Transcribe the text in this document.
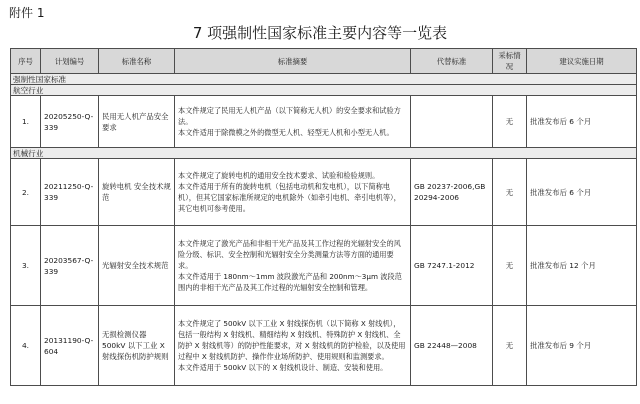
附件 1
7 项强制性国家标准主要内容等一览表
序号	计划编号	标准名称	标准摘要	代替标准	采标情况	建议实施日期
强制性国家标准						
航空行业						
1.	20205250-Q-339	民用无人机产品安全要求	本文件规定了民用无人机产品（以下简称无人机）的安全要求和试验方法。

本文件适用于除微模之外的微型无人机、轻型无人机和小型无人机。		无	批准发布后 6 个月
机械行业						
2.	20211250-Q-339	旋转电机 安全技术规范	本文件规定了旋转电机的通用安全技术要求、试验和检验规则。

本文件适用于所有的旋转电机（包括电动机和发电机），以下简称电机），但其它国家标准所规定的电机除外（如牵引电机、牵引电机等），其它电机可参考使用。	GB 20237-2006,GB 20294-2006	无	批准发布后 6 个月
3.	20203567-Q-339	光辐射安全技术规范	本文件规定了激光产品和非相干光产品及其工作过程的光辐射安全的风险分级、标识、安全控制和光辐射安全分类测量方法等方面的通用要求。

本文件适用于 180nm～1mm 波段激光产品和 200nm～3μm 波段范围内的非相干光产品及其工作过程的光辐射安全控制和管理。	GB 7247.1-2012	无	批准发布后 12 个月
4.	20131190-Q-604	无损检测仪器 500kV 以下工业 X 射线探伤机防护规则	本文件规定了 500kV 以下工业 X 射线探伤机（以下简称 X 射线机），包括一般结构 X 射线机、精细结构 X 射线机、特殊防护 X 射线机、全防护 X 射线机等）的防护性能要求，对 X 射线机的防护检验，以及使用过程中 X 射线机防护、操作作业场所防护、使用规则和监测要求。

本文件适用于 500kV 以下的 X 射线机设计、制造、安装和使用。	GB 22448—2008	无	批准发布后 9 个月
